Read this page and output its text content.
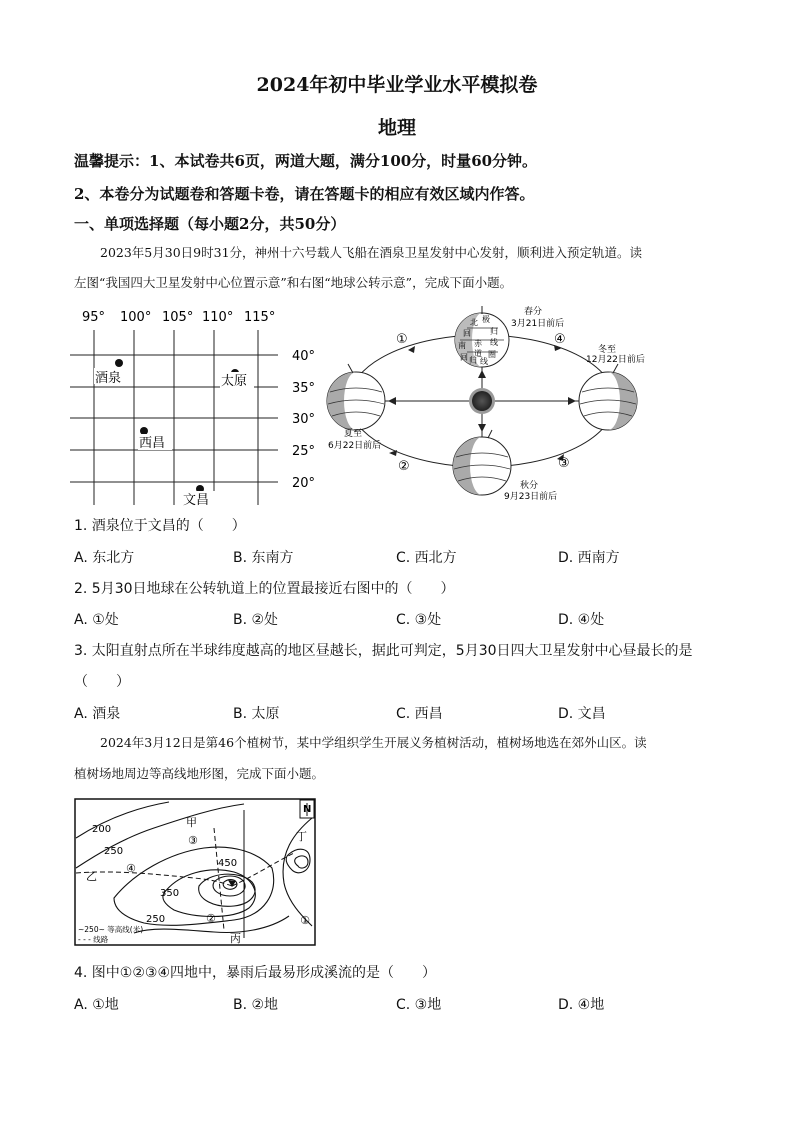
2024年初中毕业学业水平模拟卷
地理
温馨提示：1、本试卷共6页，两道大题，满分100分，时量60分钟。
2、本卷分为试题卷和答题卡卷，请在答题卡的相应有效区域内作答。
一、单项选择题（每小题2分，共50分）
2023年5月30日9时31分，神州十六号载人飞船在酒泉卫星发射中心发射，顺利进入预定轨道。读
左图“我国四大卫星发射中心位置示意”和右图“地球公转示意”，完成下面小题。
95° 100° 105° 110° 115°
40°
35°
30°
25°
20°
酒泉	太原
西昌
文昌
北 极
回 归
线
赤
道
南
圈
回 归 线
春分
3月21日前后
冬至
12月22日前后
夏至
6月22日前后
秋分
9月23日前后
①
②	③
④
1. 酒泉位于文昌的（　　）
A. 东北方	B. 东南方	C. 西北方	D. 西南方
2. 5月30日地球在公转轨道上的位置最接近右图中的（　　）
A. ①处	B. ②处	C. ③处	D. ④处
3. 太阳直射点所在半球纬度越高的地区昼越长，据此可判定，5月30日四大卫星发射中心昼最长的是
（　　）
A. 酒泉	B. 太原	C. 西昌	D. 文昌
2024年3月12日是第46个植树节，某中学组织学生开展义务植树活动，植树场地选在郊外山区。读
植树场地周边等高线地形图，完成下面小题。
N
200
250
350
450
250
甲
乙
丙
丁
①
②
③
④
~250~ 等高线(米)
- - - 线路
4. 图中①②③④四地中，暴雨后最易形成溪流的是（　　）
A. ①地	B. ②地	C. ③地	D. ④地
